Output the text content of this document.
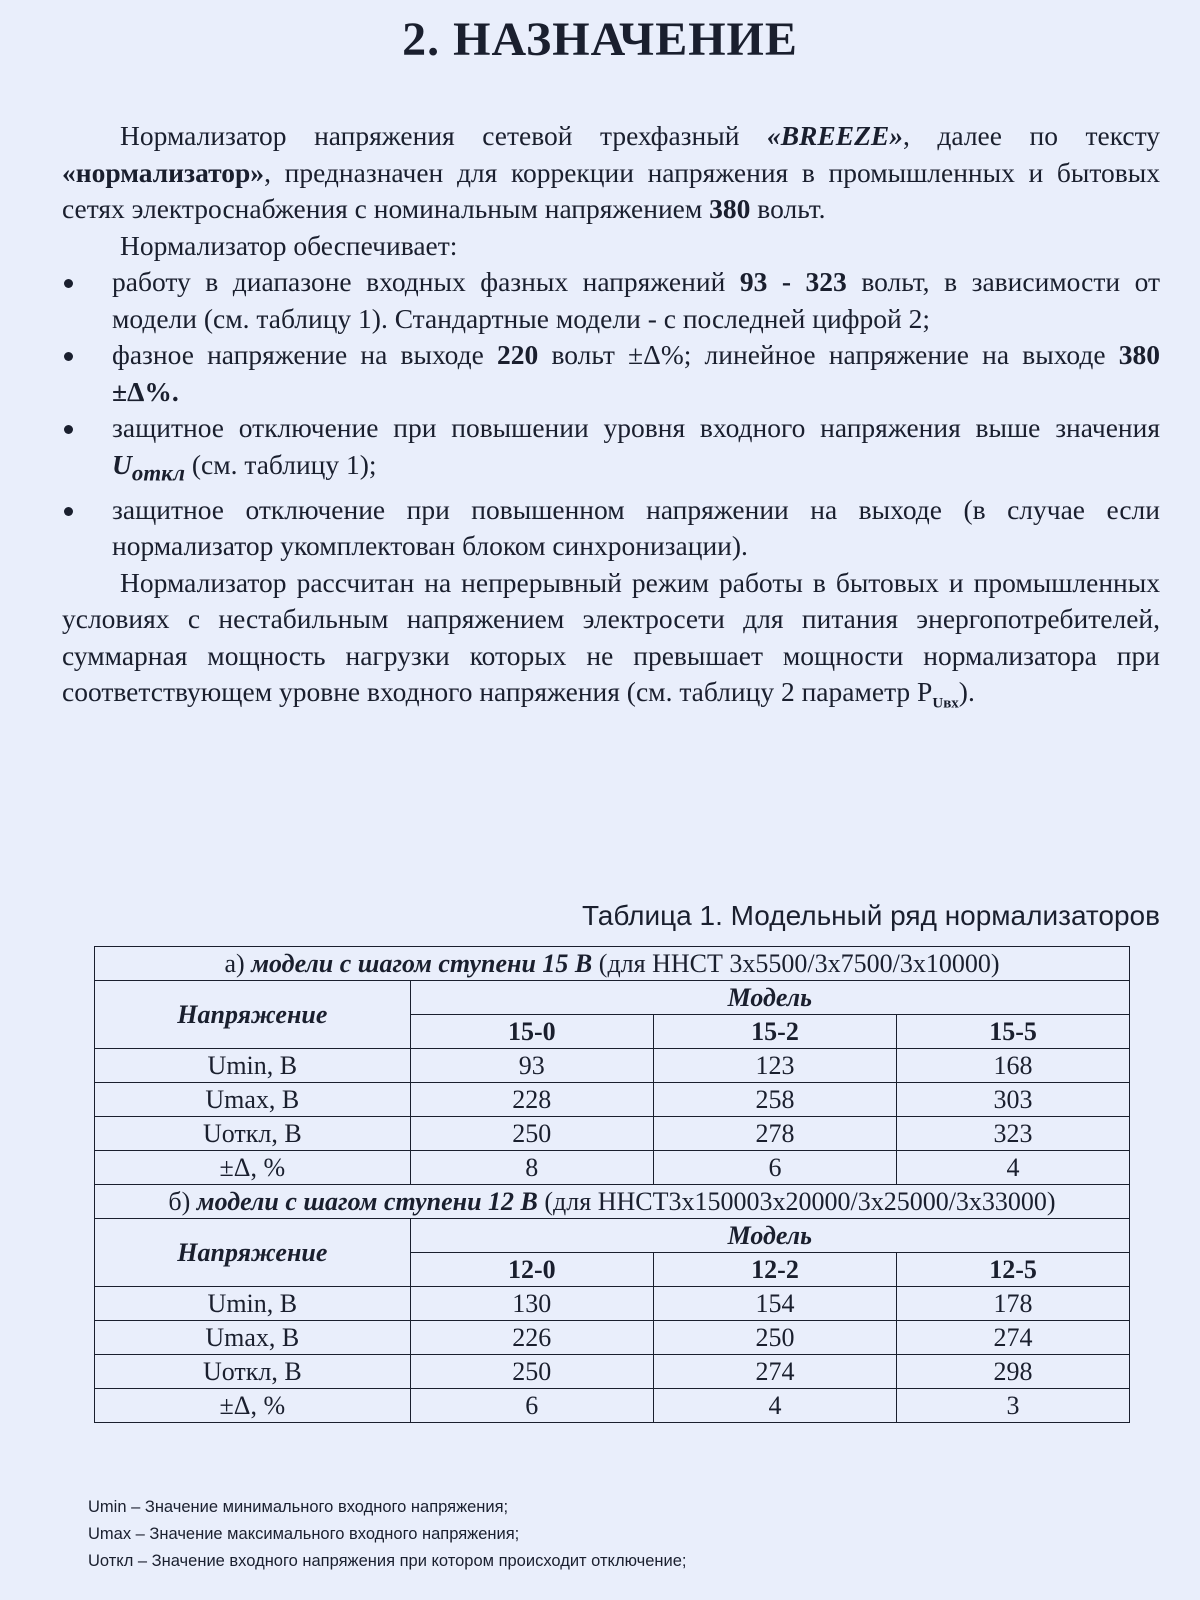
2. НАЗНАЧЕНИЕ

Нормализатор напряжения сетевой трехфазный «BREEZE», далее по тексту «нормализатор», предназначен для коррекции напряжения в промышленных и бытовых сетях электроснабжения с номинальным напряжением 380 вольт.

Нормализатор обеспечивает:

работу в диапазоне входных фазных напряжений 93 - 323 вольт, в зависимости от модели (см. таблицу 1). Стандартные модели - с последней цифрой 2;
фазное напряжение на выходе 220 вольт ±Δ%; линейное напряжение на выходе 380 ±Δ%.
защитное отключение при повышении уровня входного напряжения выше значения $U_{откл}$ (см. таблицу 1);
защитное отключение при повышенном напряжении на выходе (в случае если нормализатор укомплектован блоком синхронизации).

Нормализатор рассчитан на непрерывный режим работы в бытовых и промышленных условиях с нестабильным напряжением электросети для питания энергопотребителей, суммарная мощность нагрузки которых не превышает мощности нормализатора при соответствующем уровне входного напряжения (см. таблицу 2 параметр $P_{Uвх}$).

Таблица 1. Модельный ряд нормализаторов
а) модели с шагом ступени 15 В (для ННСТ 3х5500/3х7500/3х10000)			
Напряжение	Модель		
	15-0	15-2	15-5
Umin, В	93	123	168
Umax, В	228	258	303
Uоткл, В	250	278	323
±Δ, %	8	6	4
б) модели с шагом ступени 12 В (для ННСТ3х150003х20000/3х25000/3х33000)			
Напряжение	Модель		
	12-0	12-2	12-5
Umin, В	130	154	178
Umax, В	226	250	274
Uоткл, В	250	274	298
±Δ, %	6	4	3
Umin – Значение минимального входного напряжения;
Umax – Значение максимального входного напряжения;
Uоткл – Значение входного напряжения при котором происходит отключение;
